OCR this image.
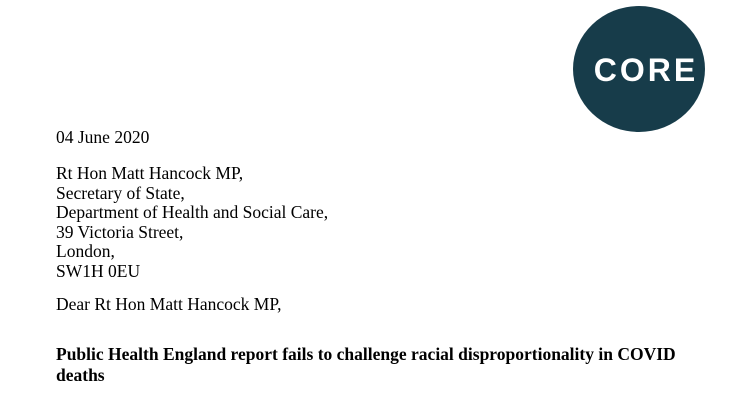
CORE
04 June 2020
Rt Hon Matt Hancock MP,
Secretary of State,
Department of Health and Social Care,
39 Victoria Street,
London,
SW1H 0EU
Dear Rt Hon Matt Hancock MP,
Public Health England report fails to challenge racial disproportionality in COVID deaths
